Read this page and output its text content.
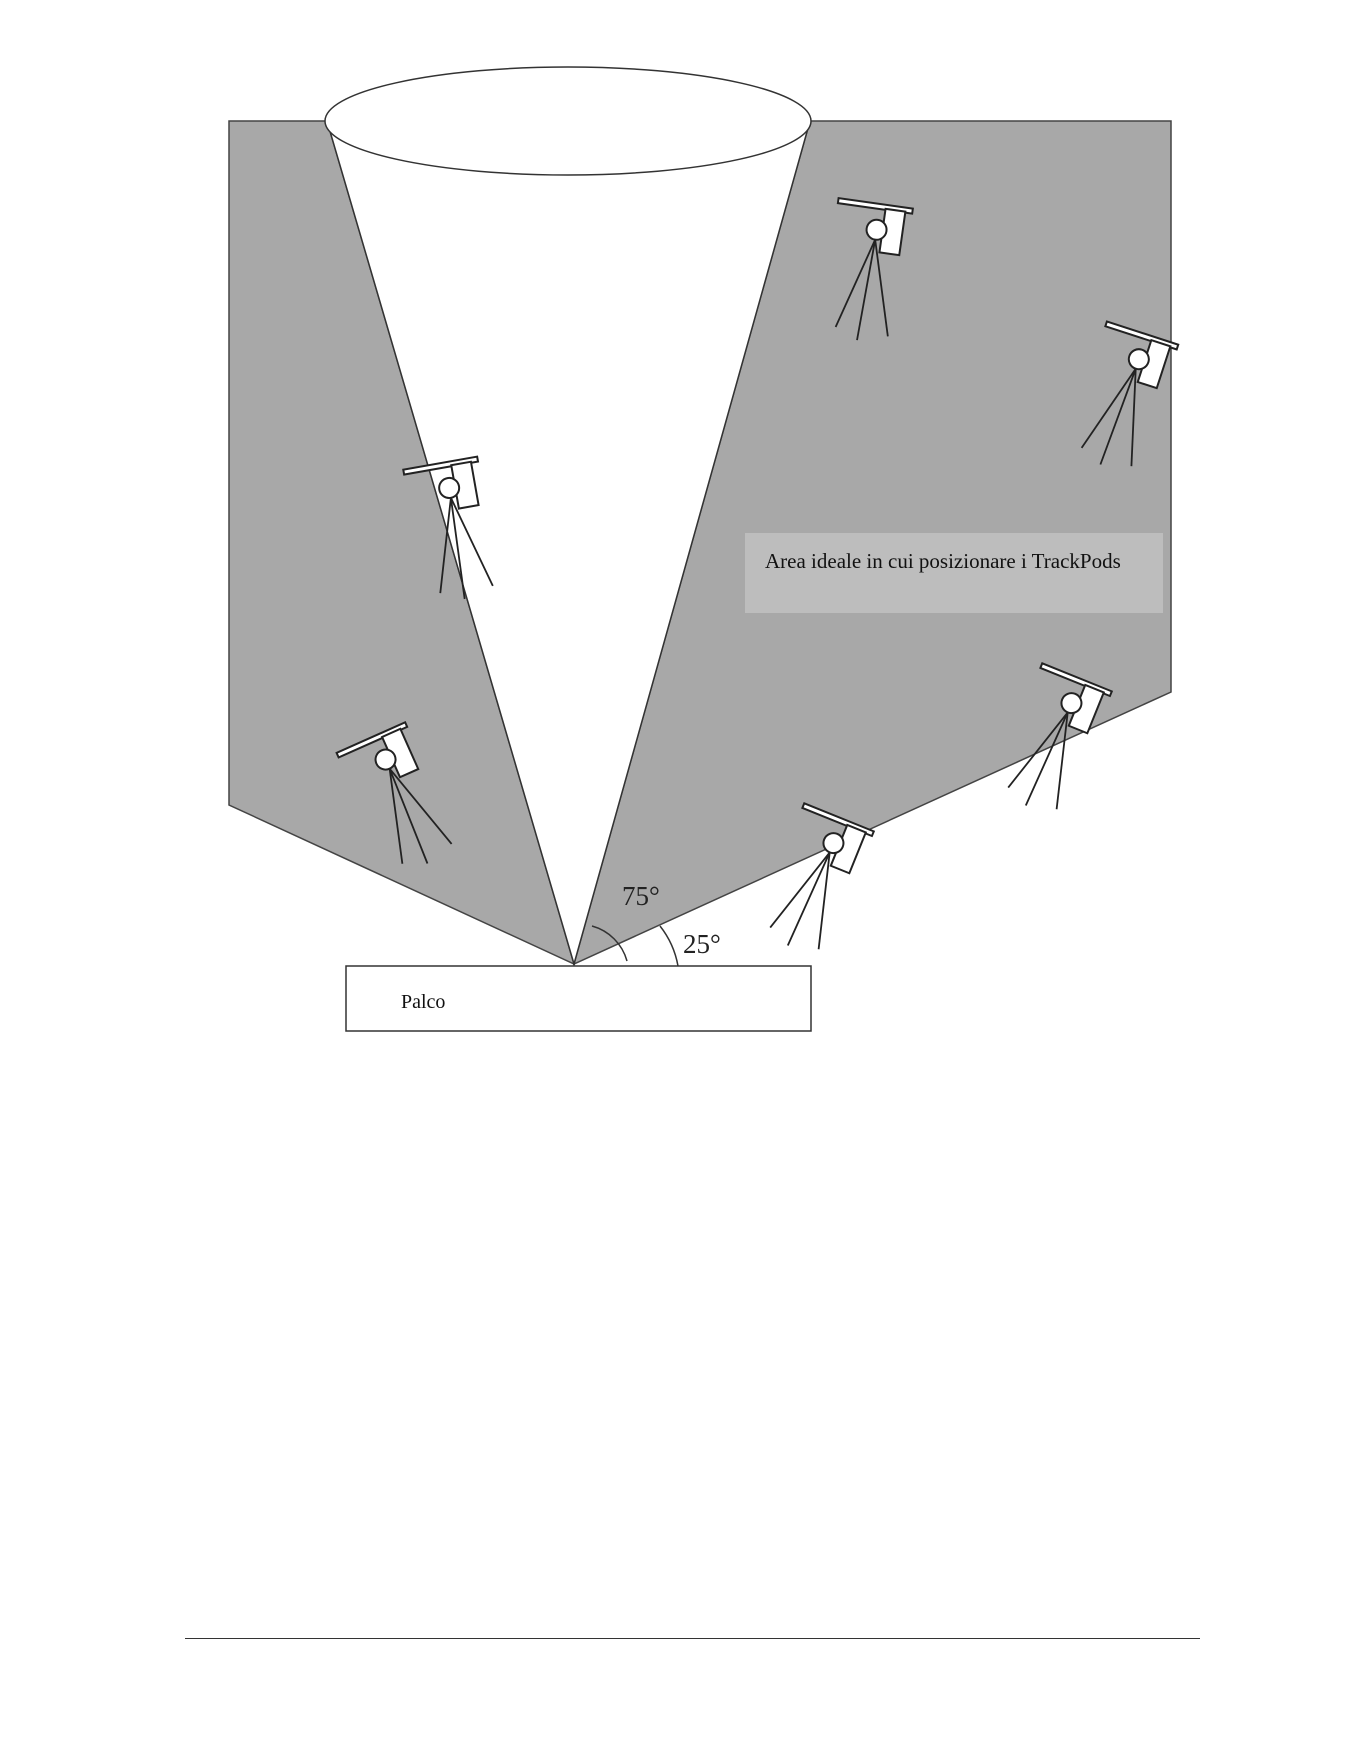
Area ideale in cui posizionare i TrackPods
75°
25°
Palco
